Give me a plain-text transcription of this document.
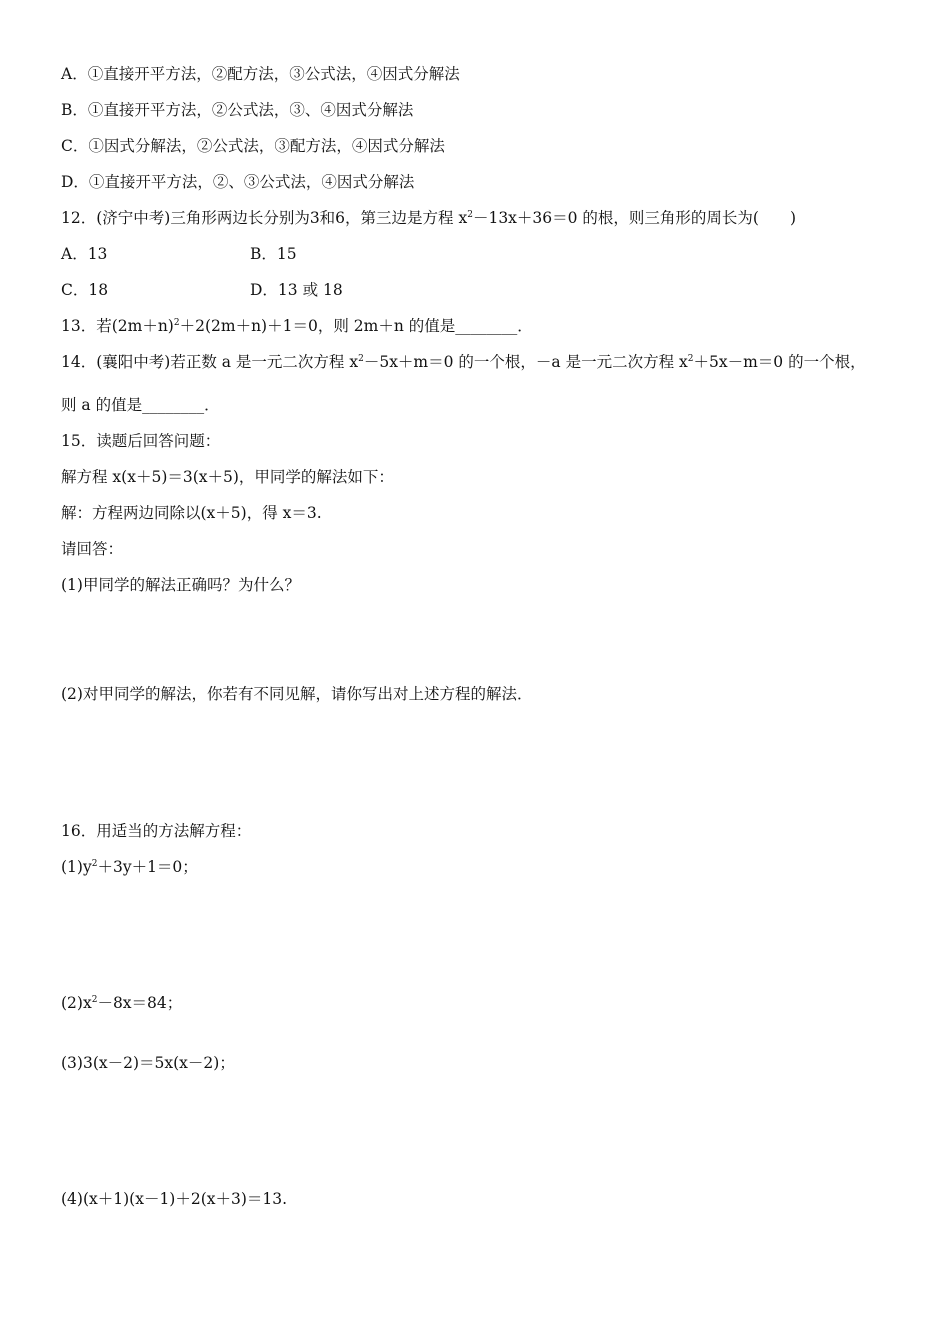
A．①直接开平方法，②配方法，③公式法，④因式分解法
B．①直接开平方法，②公式法，③、④因式分解法
C．①因式分解法，②公式法，③配方法，④因式分解法
D．①直接开平方法，②、③公式法，④因式分解法
12．(济宁中考)三角形两边长分别为3和6，第三边是方程 $x^2-13x+36=0$ 的根，则三角形的周长为(　　)
A．13	B．15
C．18	D．13 或 18
13．若$(2m+n)^2+2(2m+n)+1=0$，则 2m＋n 的值是________．
14．(襄阳中考)若正数 a 是一元二次方程 $x^2-5x+m=0$ 的一个根，－a 是一元二次方程 $x^2+5x-m=0$ 的一个根，
则 a 的值是________．
15．读题后回答问题：
解方程 x(x＋5)＝3(x＋5)，甲同学的解法如下：
解：方程两边同除以(x＋5)，得 x＝3.
请回答：
(1)甲同学的解法正确吗？为什么？
(2)对甲同学的解法，你若有不同见解，请你写出对上述方程的解法．
16．用适当的方法解方程：
$(1)y^2+3y+1=0$；
$(2)x^2-8x=84$；
(3)3(x－2)＝5x(x－2)；
(4)(x＋1)(x－1)＋2(x＋3)＝13.
